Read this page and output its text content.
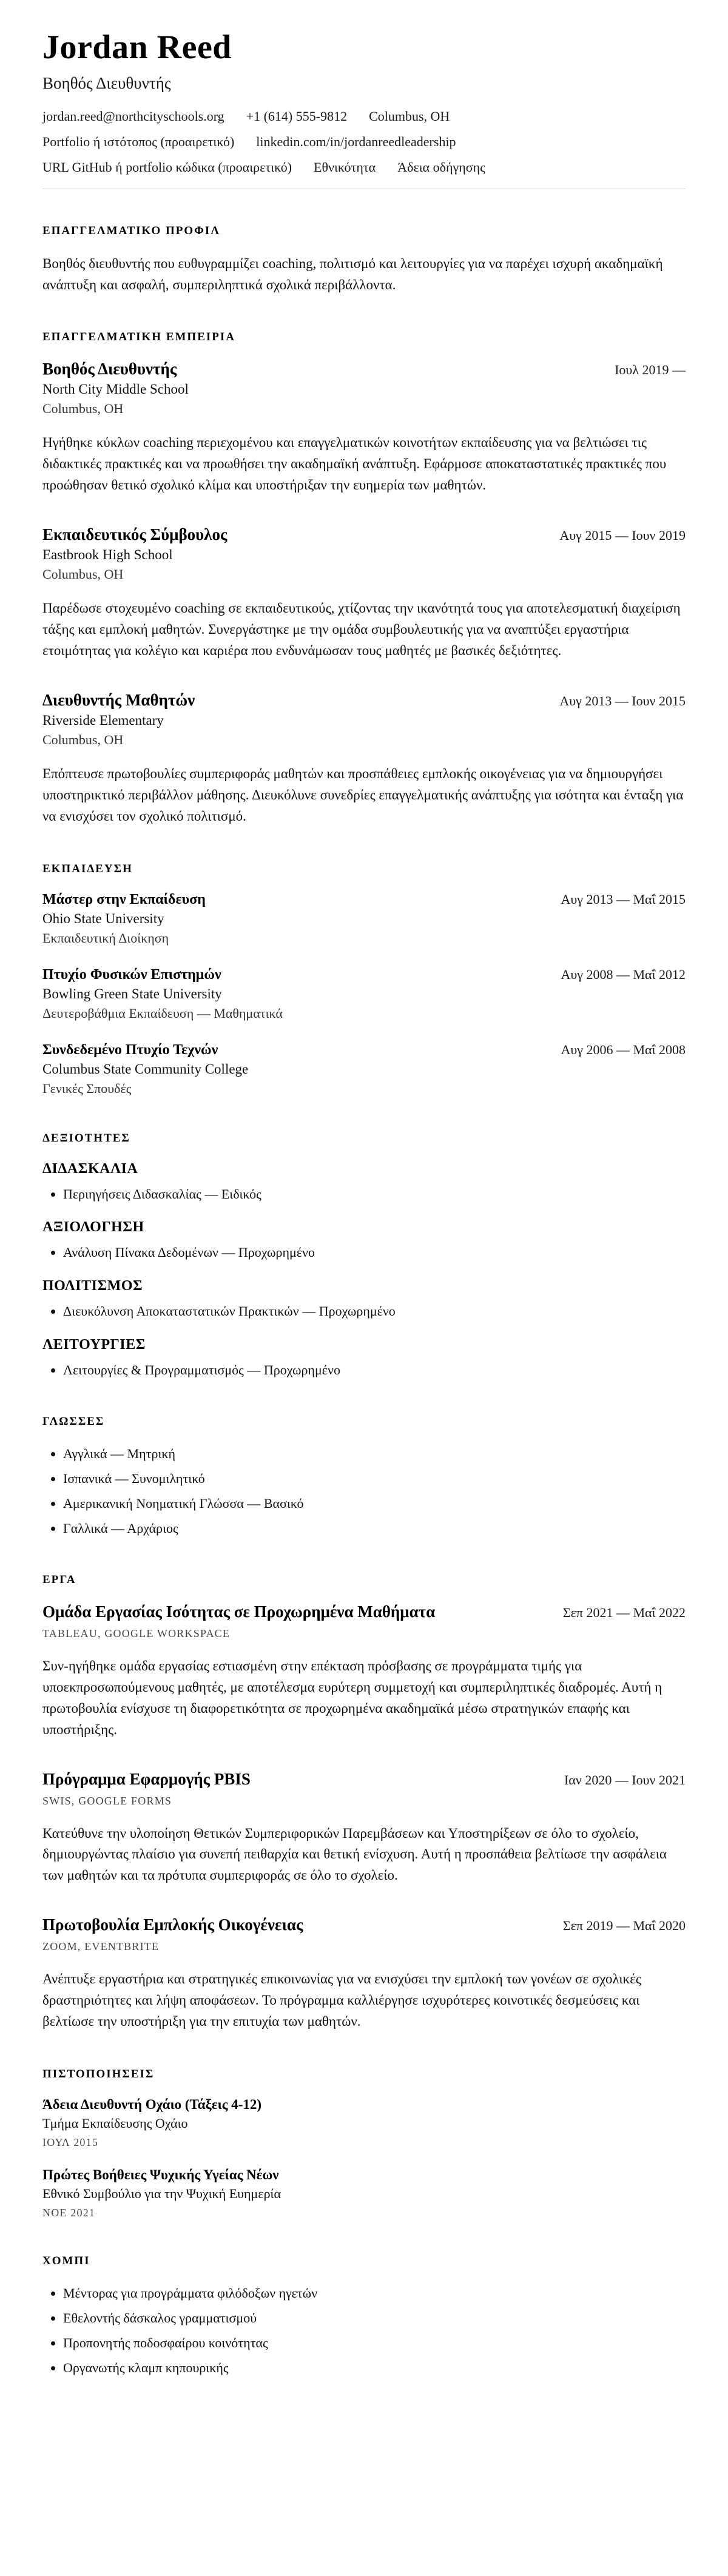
Jordan Reed
Βοηθός Διευθυντής
jordan.reed@northcityschools.org +1 (614) 555-9812 Columbus, OH
Portfolio ή ιστότοπος (προαιρετικό) linkedin.com/in/jordanreedleadership
URL GitHub ή portfolio κώδικα (προαιρετικό) Εθνικότητα Άδεια οδήγησης
ΕΠΑΓΓΕΛΜΑΤΙΚΟ ΠΡΟΦΙΛ

Βοηθός διευθυντής που ευθυγραμμίζει coaching, πολιτισμό και λειτουργίες για να παρέχει ισχυρή ακαδημαϊκή ανάπτυξη και ασφαλή, συμπεριληπτικά σχολικά περιβάλλοντα.

ΕΠΑΓΓΕΛΜΑΤΙΚΗ ΕΜΠΕΙΡΙΑ
Βοηθός Διευθυντής	Ιουλ 2019 —
North City Middle School
Columbus, OH

Ηγήθηκε κύκλων coaching περιεχομένου και επαγγελματικών κοινοτήτων εκπαίδευσης για να βελτιώσει τις διδακτικές πρακτικές και να προωθήσει την ακαδημαϊκή ανάπτυξη. Εφάρμοσε αποκαταστατικές πρακτικές που προώθησαν θετικό σχολικό κλίμα και υποστήριξαν την ευημερία των μαθητών.

Εκπαιδευτικός Σύμβουλος	Αυγ 2015 — Ιουν 2019
Eastbrook High School
Columbus, OH

Παρέδωσε στοχευμένο coaching σε εκπαιδευτικούς, χτίζοντας την ικανότητά τους για αποτελεσματική διαχείριση τάξης και εμπλοκή μαθητών. Συνεργάστηκε με την ομάδα συμβουλευτικής για να αναπτύξει εργαστήρια ετοιμότητας για κολέγιο και καριέρα που ενδυνάμωσαν τους μαθητές με βασικές δεξιότητες.

Διευθυντής Μαθητών	Αυγ 2013 — Ιουν 2015
Riverside Elementary
Columbus, OH

Επόπτευσε πρωτοβουλίες συμπεριφοράς μαθητών και προσπάθειες εμπλοκής οικογένειας για να δημιουργήσει υποστηρικτικό περιβάλλον μάθησης. Διευκόλυνε συνεδρίες επαγγελματικής ανάπτυξης για ισότητα και ένταξη για να ενισχύσει τον σχολικό πολιτισμό.

ΕΚΠΑΙΔΕΥΣΗ
Μάστερ στην Εκπαίδευση	Αυγ 2013 — Μαΐ 2015
Ohio State University
Εκπαιδευτική Διοίκηση
Πτυχίο Φυσικών Επιστημών	Αυγ 2008 — Μαΐ 2012
Bowling Green State University
Δευτεροβάθμια Εκπαίδευση — Μαθηματικά
Συνδεδεμένο Πτυχίο Τεχνών	Αυγ 2006 — Μαΐ 2008
Columbus State Community College
Γενικές Σπουδές
ΔΕΞΙΟΤΗΤΕΣ
ΔΙΔΑΣΚΑΛΙΑ
• Περιηγήσεις Διδασκαλίας — Ειδικός
ΑΞΙΟΛΟΓΗΣΗ
• Ανάλυση Πίνακα Δεδομένων — Προχωρημένο
ΠΟΛΙΤΙΣΜΟΣ
• Διευκόλυνση Αποκαταστατικών Πρακτικών — Προχωρημένο
ΛΕΙΤΟΥΡΓΙΕΣ
• Λειτουργίες & Προγραμματισμός — Προχωρημένο
ΓΛΩΣΣΕΣ
• Αγγλικά — Μητρική
• Ισπανικά — Συνομιλητικό
• Αμερικανική Νοηματική Γλώσσα — Βασικό
• Γαλλικά — Αρχάριος
ΕΡΓΑ
Ομάδα Εργασίας Ισότητας σε Προχωρημένα Μαθήματα	Σεπ 2021 — Μαΐ 2022
TABLEAU, GOOGLE WORKSPACE

Συν-ηγήθηκε ομάδα εργασίας εστιασμένη στην επέκταση πρόσβασης σε προγράμματα τιμής για υποεκπροσωπούμενους μαθητές, με αποτέλεσμα ευρύτερη συμμετοχή και συμπεριληπτικές διαδρομές. Αυτή η πρωτοβουλία ενίσχυσε τη διαφορετικότητα σε προχωρημένα ακαδημαϊκά μέσω στρατηγικών επαφής και υποστήριξης.

Πρόγραμμα Εφαρμογής PBIS	Ιαν 2020 — Ιουν 2021
SWIS, GOOGLE FORMS

Κατεύθυνε την υλοποίηση Θετικών Συμπεριφορικών Παρεμβάσεων και Υποστηρίξεων σε όλο το σχολείο, δημιουργώντας πλαίσιο για συνεπή πειθαρχία και θετική ενίσχυση. Αυτή η προσπάθεια βελτίωσε την ασφάλεια των μαθητών και τα πρότυπα συμπεριφοράς σε όλο το σχολείο.

Πρωτοβουλία Εμπλοκής Οικογένειας	Σεπ 2019 — Μαΐ 2020
ZOOM, EVENTBRITE

Ανέπτυξε εργαστήρια και στρατηγικές επικοινωνίας για να ενισχύσει την εμπλοκή των γονέων σε σχολικές δραστηριότητες και λήψη αποφάσεων. Το πρόγραμμα καλλιέργησε ισχυρότερες κοινοτικές δεσμεύσεις και βελτίωσε την υποστήριξη για την επιτυχία των μαθητών.

ΠΙΣΤΟΠΟΙΗΣΕΙΣ
Άδεια Διευθυντή Οχάιο (Τάξεις 4-12)
Τμήμα Εκπαίδευσης Οχάιο
ΙΟΥΛ 2015
Πρώτες Βοήθειες Ψυχικής Υγείας Νέων
Εθνικό Συμβούλιο για την Ψυχική Ευημερία
ΝΟΕ 2021
ΧΟΜΠΙ
• Μέντορας για προγράμματα φιλόδοξων ηγετών
• Εθελοντής δάσκαλος γραμματισμού
• Προπονητής ποδοσφαίρου κοινότητας
• Οργανωτής κλαμπ κηπουρικής
